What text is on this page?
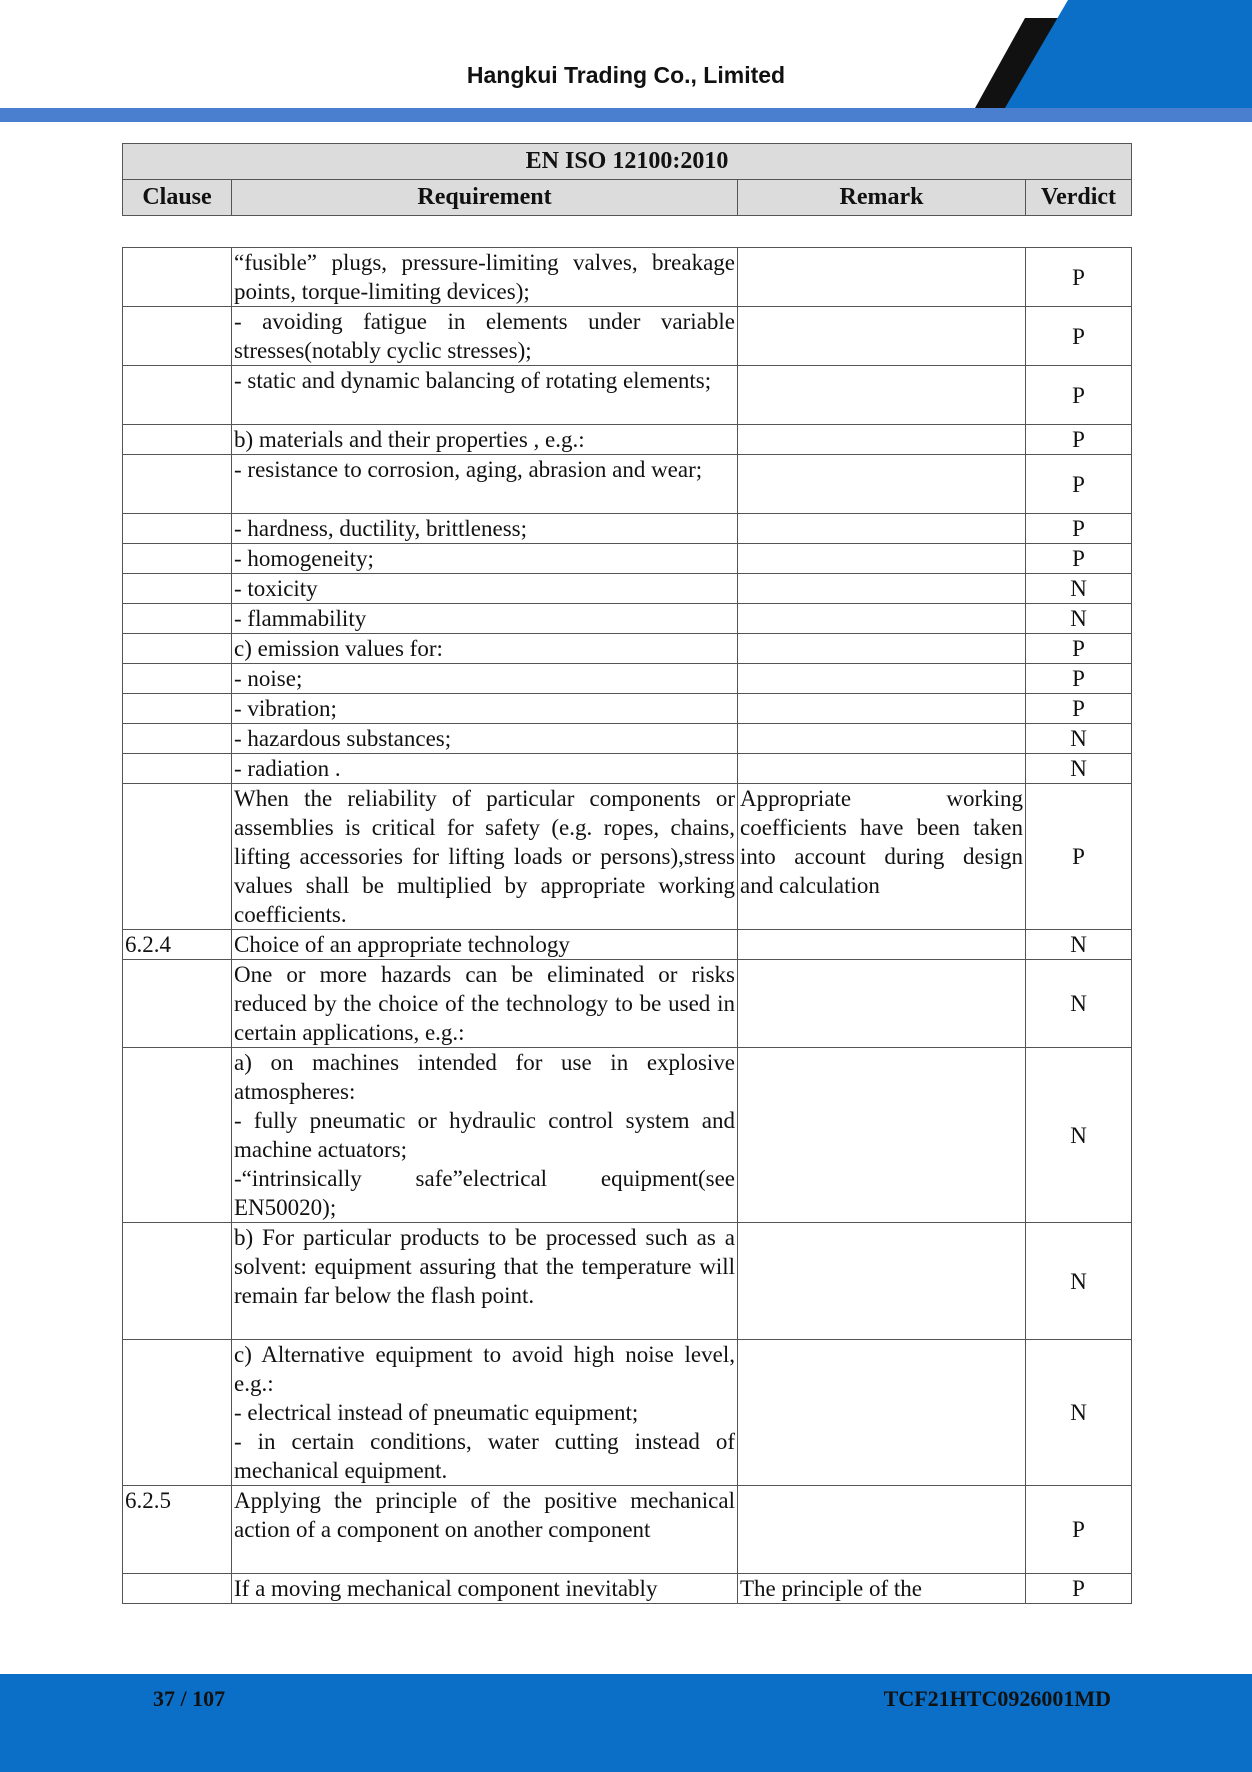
Hangkui Trading Co., Limited
EN ISO 12100:2010
Clause	Requirement	Remark	Verdict
	“fusible” plugs, pressure-limiting valves, breakage points, torque-limiting devices);		P
	- avoiding fatigue in elements under variable stresses(notably cyclic stresses);		P
	- static and dynamic balancing of rotating elements;		P
	b) materials and their properties , e.g.:		P
	- resistance to corrosion, aging, abrasion and wear;		P
	- hardness, ductility, brittleness;		P
	- homogeneity;		P
	- toxicity		N
	- flammability		N
	c) emission values for:		P
	- noise;		P
	- vibration;		P
	- hazardous substances;		N
	- radiation .		N
	When the reliability of particular components or assemblies is critical for safety (e.g. ropes, chains, lifting accessories for lifting loads or persons),stress values shall be multiplied by appropriate working coefficients.	Appropriate working coefficients have been taken into account during design and calculation	P
6.2.4	Choice of an appropriate technology		N
	One or more hazards can be eliminated or risks reduced by the choice of the technology to be used in certain applications, e.g.:		N
	a) on machines intended for use in explosive atmospheres:
- fully pneumatic or hydraulic control system and machine actuators;
-“intrinsically safe”electrical equipment(see EN50020);		N
	b) For particular products to be processed such as a solvent: equipment assuring that the temperature will remain far below the flash point.		N
	c) Alternative equipment to avoid high noise level, e.g.:
- electrical instead of pneumatic equipment;
- in certain conditions, water cutting instead of mechanical equipment.		N
6.2.5	Applying the principle of the positive mechanical action of a component on another component		P
	If a moving mechanical component inevitably	The principle of the	P
37 / 107	TCF21HTC0926001MD
